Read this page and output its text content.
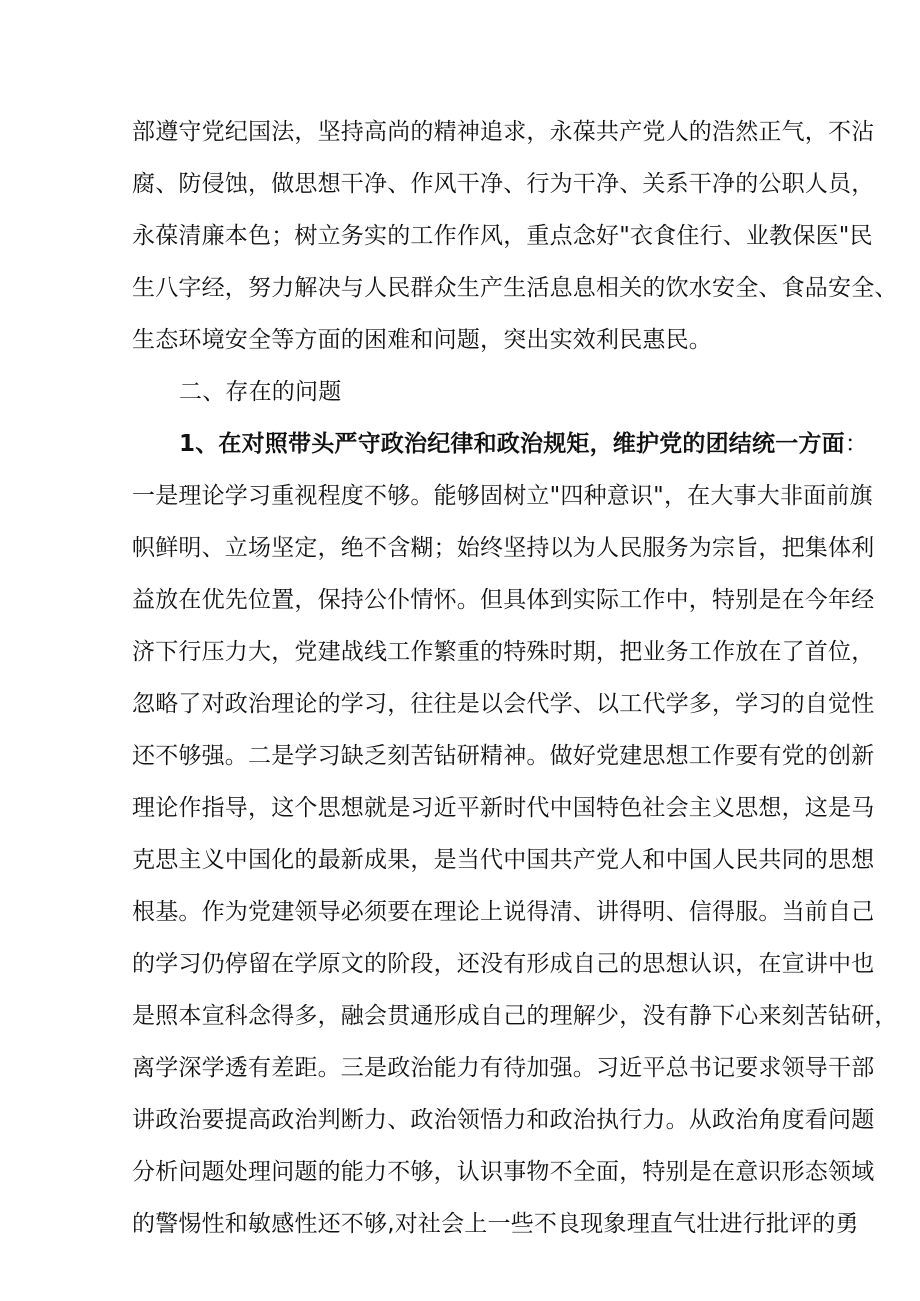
部遵守党纪国法，坚持高尚的精神追求，永葆共产党人的浩然正气，不沾
腐、防侵蚀，做思想干净、作风干净、行为干净、关系干净的公职人员，
永葆清廉本色；树立务实的工作作风，重点念好"衣食住行、业教保医"民
生八字经，努力解决与人民群众生产生活息息相关的饮水安全、食品安全、
生态环境安全等方面的困难和问题，突出实效利民惠民。
二、存在的问题
1、在对照带头严守政治纪律和政治规矩，维护党的团结统一方面：
一是理论学习重视程度不够。能够固树立"四种意识"，在大事大非面前旗
帜鲜明、立场坚定，绝不含糊；始终坚持以为人民服务为宗旨，把集体利
益放在优先位置，保持公仆情怀。但具体到实际工作中，特别是在今年经
济下行压力大，党建战线工作繁重的特殊时期，把业务工作放在了首位，
忽略了对政治理论的学习，往往是以会代学、以工代学多，学习的自觉性
还不够强。二是学习缺乏刻苦钻研精神。做好党建思想工作要有党的创新
理论作指导，这个思想就是习近平新时代中国特色社会主义思想，这是马
克思主义中国化的最新成果，是当代中国共产党人和中国人民共同的思想
根基。作为党建领导必须要在理论上说得清、讲得明、信得服。当前自己
的学习仍停留在学原文的阶段，还没有形成自己的思想认识，在宣讲中也
是照本宣科念得多，融会贯通形成自己的理解少，没有静下心来刻苦钻研，
离学深学透有差距。三是政治能力有待加强。习近平总书记要求领导干部
讲政治要提高政治判断力、政治领悟力和政治执行力。从政治角度看问题
分析问题处理问题的能力不够，认识事物不全面，特别是在意识形态领域
的警惕性和敏感性还不够,对社会上一些不良现象理直气壮进行批评的勇
